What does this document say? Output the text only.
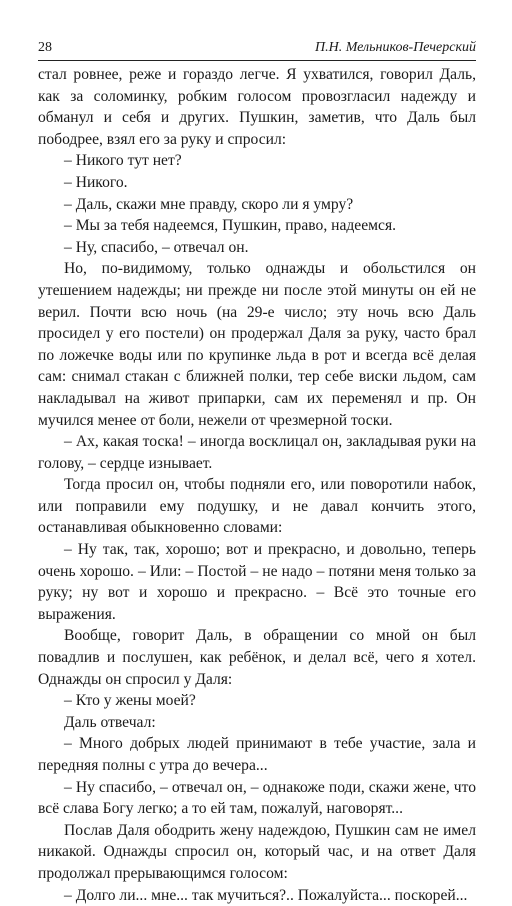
28	П.Н. Мельников-Печерский

стал ровнее, реже и гораздо легче. Я ухватился, говорил Даль, как за соломинку, робким голосом провозгласил надежду и обманул и себя и других. Пушкин, заметив, что Даль был пободрее, взял его за руку и спросил:

– Никого тут нет?

– Никого.

– Даль, скажи мне правду, скоро ли я умру?

– Мы за тебя надеемся, Пушкин, право, надеемся.

– Ну, спасибо, – отвечал он.

Но, по-видимому, только однажды и обольстился он утешением надежды; ни прежде ни после этой минуты он ей не верил. Почти всю ночь (на 29-е число; эту ночь всю Даль просидел у его постели) он продержал Даля за руку, часто брал по ложечке воды или по крупинке льда в рот и всегда всё делая сам: снимал стакан с ближней полки, тер себе виски льдом, сам накладывал на живот припарки, сам их переменял и пр. Он мучился менее от боли, нежели от чрезмерной тоски.

– Ах, какая тоска! – иногда восклицал он, закладывая руки на голову, – сердце изнывает.

Тогда просил он, чтобы подняли его, или поворотили набок, или поправили ему подушку, и не давал кончить этого, останавливая обыкновенно словами:

– Ну так, так, хорошо; вот и прекрасно, и довольно, теперь очень хорошо. – Или: – Постой – не надо – потяни меня только за руку; ну вот и хорошо и прекрасно. – Всё это точные его выражения.

Вообще, говорит Даль, в обращении со мной он был повадлив и послушен, как ребёнок, и делал всё, чего я хотел. Однажды он спросил у Даля:

– Кто у жены моей?

Даль отвечал:

– Много добрых людей принимают в тебе участие, зала и передняя полны с утра до вечера...

– Ну спасибо, – отвечал он, – однакоже поди, скажи жене, что всё слава Богу легко; а то ей там, пожалуй, наговорят...

Послав Даля ободрить жену надеждою, Пушкин сам не имел никакой. Однажды спросил он, который час, и на ответ Даля продолжал прерывающимся голосом:

– Долго ли... мне... так мучиться?.. Пожалуйста... поскорей...
